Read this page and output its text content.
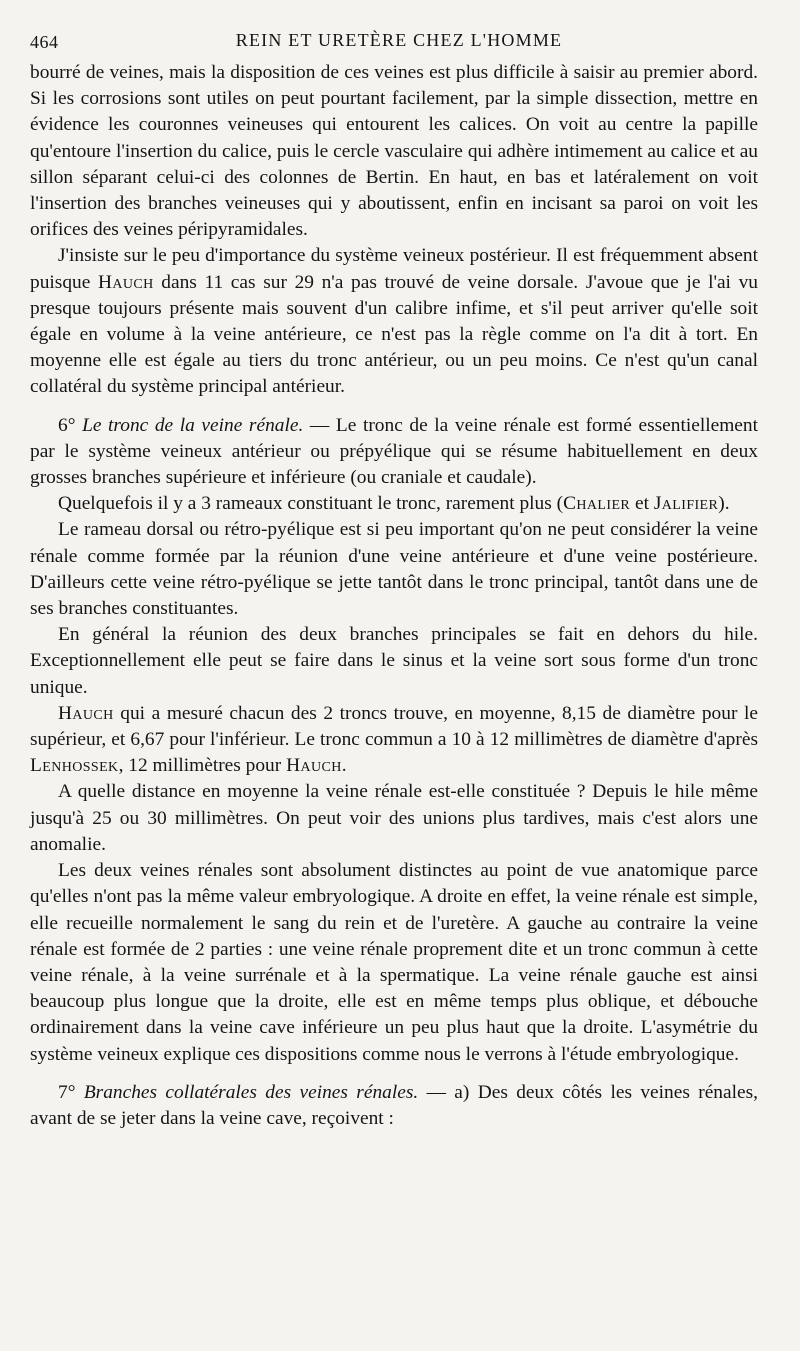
464	REIN ET URETÈRE CHEZ L'HOMME

bourré de veines, mais la disposition de ces veines est plus difficile à saisir au premier abord. Si les corrosions sont utiles on peut pourtant facilement, par la simple dissection, mettre en évidence les couronnes veineuses qui entourent les calices. On voit au centre la papille qu'entoure l'insertion du calice, puis le cercle vasculaire qui adhère intimement au calice et au sillon séparant celui-ci des colonnes de Bertin. En haut, en bas et latéralement on voit l'insertion des branches veineuses qui y aboutissent, enfin en incisant sa paroi on voit les orifices des veines péripyramidales.

J'insiste sur le peu d'importance du système veineux postérieur. Il est fréquemment absent puisque Hauch dans 11 cas sur 29 n'a pas trouvé de veine dorsale. J'avoue que je l'ai vu presque toujours présente mais souvent d'un calibre infime, et s'il peut arriver qu'elle soit égale en volume à la veine antérieure, ce n'est pas la règle comme on l'a dit à tort. En moyenne elle est égale au tiers du tronc antérieur, ou un peu moins. Ce n'est qu'un canal collatéral du système principal antérieur.

6° Le tronc de la veine rénale. — Le tronc de la veine rénale est formé essentiellement par le système veineux antérieur ou prépyélique qui se résume habituellement en deux grosses branches supérieure et inférieure (ou craniale et caudale).

Quelquefois il y a 3 rameaux constituant le tronc, rarement plus (Chalier et Jalifier).

Le rameau dorsal ou rétro-pyélique est si peu important qu'on ne peut considérer la veine rénale comme formée par la réunion d'une veine antérieure et d'une veine postérieure. D'ailleurs cette veine rétro-pyélique se jette tantôt dans le tronc principal, tantôt dans une de ses branches constituantes.

En général la réunion des deux branches principales se fait en dehors du hile. Exceptionnellement elle peut se faire dans le sinus et la veine sort sous forme d'un tronc unique.

Hauch qui a mesuré chacun des 2 troncs trouve, en moyenne, 8,15 de diamètre pour le supérieur, et 6,67 pour l'inférieur. Le tronc commun a 10 à 12 millimètres de diamètre d'après Lenhossek, 12 millimètres pour Hauch.

A quelle distance en moyenne la veine rénale est-elle constituée ? Depuis le hile même jusqu'à 25 ou 30 millimètres. On peut voir des unions plus tardives, mais c'est alors une anomalie.

Les deux veines rénales sont absolument distinctes au point de vue anatomique parce qu'elles n'ont pas la même valeur embryologique. A droite en effet, la veine rénale est simple, elle recueille normalement le sang du rein et de l'uretère. A gauche au contraire la veine rénale est formée de 2 parties : une veine rénale proprement dite et un tronc commun à cette veine rénale, à la veine surrénale et à la spermatique. La veine rénale gauche est ainsi beaucoup plus longue que la droite, elle est en même temps plus oblique, et débouche ordinairement dans la veine cave inférieure un peu plus haut que la droite. L'asymétrie du système veineux explique ces dispositions comme nous le verrons à l'étude embryologique.

7° Branches collatérales des veines rénales. — a) Des deux côtés les veines rénales, avant de se jeter dans la veine cave, reçoivent :
